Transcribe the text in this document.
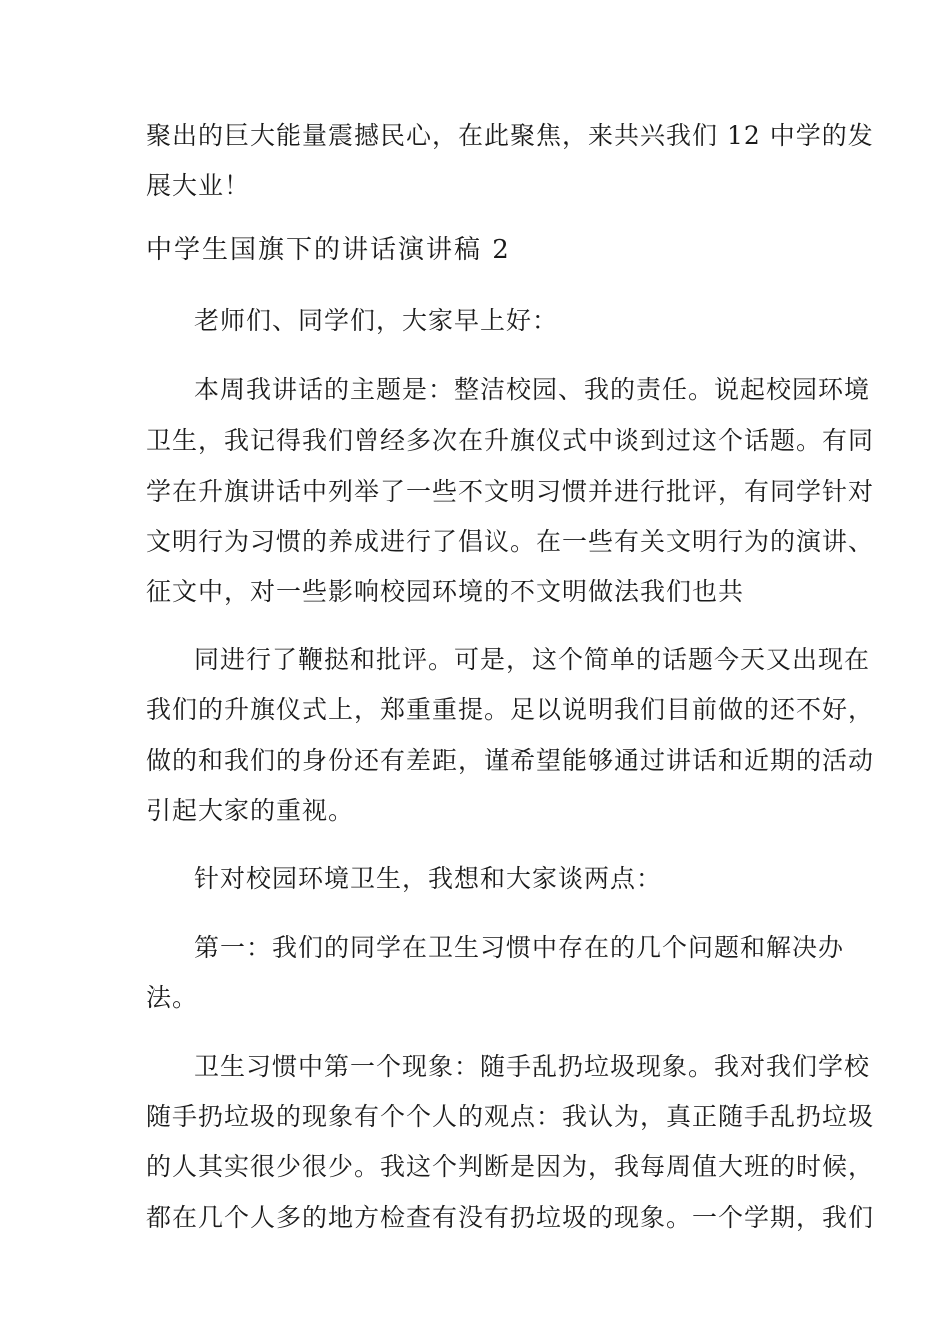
聚出的巨大能量震撼民心，在此聚焦，来共兴我们 12 中学的发
展大业！
中学生国旗下的讲话演讲稿 2
老师们、同学们，大家早上好：
本周我讲话的主题是：整洁校园、我的责任。说起校园环境
卫生，我记得我们曾经多次在升旗仪式中谈到过这个话题。有同
学在升旗讲话中列举了一些不文明习惯并进行批评，有同学针对
文明行为习惯的养成进行了倡议。在一些有关文明行为的演讲、
征文中，对一些影响校园环境的不文明做法我们也共
同进行了鞭挞和批评。可是，这个简单的话题今天又出现在
我们的升旗仪式上，郑重重提。足以说明我们目前做的还不好，
做的和我们的身份还有差距，谨希望能够通过讲话和近期的活动
引起大家的重视。
针对校园环境卫生，我想和大家谈两点：
第一：我们的同学在卫生习惯中存在的几个问题和解决办
法。
卫生习惯中第一个现象：随手乱扔垃圾现象。我对我们学校
随手扔垃圾的现象有个个人的观点：我认为，真正随手乱扔垃圾
的人其实很少很少。我这个判断是因为，我每周值大班的时候，
都在几个人多的地方检查有没有扔垃圾的现象。一个学期，我们
